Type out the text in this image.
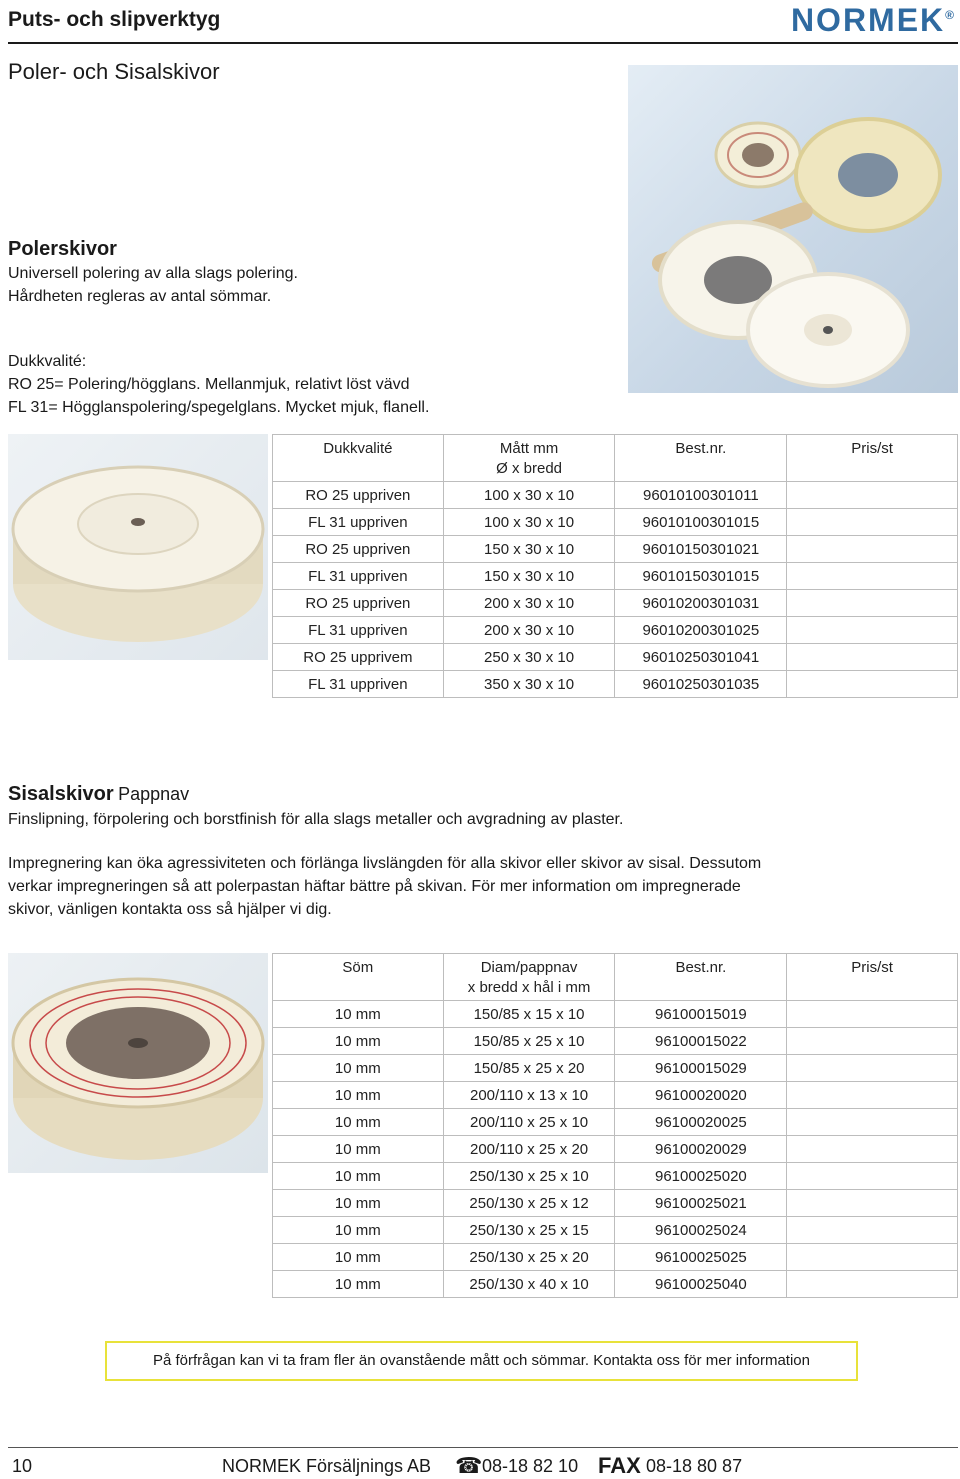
Puts- och slipverktyg	NORMEK®
Poler- och Sisalskivor
Polerskivor
Universell polering av alla slags polering.
Hårdheten regleras av antal sömmar.
Dukkvalité:
RO 25= Polering/högglans. Mellanmjuk, relativt löst vävd
FL 31= Högglanspolering/spegelglans. Mycket mjuk, flanell.
Dukkvalité	Mått mm
Ø x bredd	Best.nr.	Pris/st
RO 25 uppriven	100 x 30 x 10	96010100301011	
FL 31 uppriven	100 x 30 x 10	96010100301015	
RO 25 uppriven	150 x 30 x 10	96010150301021	
FL 31 uppriven	150 x 30 x 10	96010150301015	
RO 25 uppriven	200 x 30 x 10	96010200301031	
FL 31 uppriven	200 x 30 x 10	96010200301025	
RO 25 upprivem	250 x 30 x 10	96010250301041	
FL 31 uppriven	350 x 30 x 10	96010250301035	
Sisalskivor Pappnav
Finslipning, förpolering och borstfinish för alla slags metaller och avgradning av plaster.
Impregnering kan öka agressiviteten och förlänga livslängden för alla skivor eller skivor av sisal. Dessutom
verkar impregneringen så att polerpastan häftar bättre på skivan. För mer information om impregnerade
skivor, vänligen kontakta oss så hjälper vi dig.
Söm	Diam/pappnav
x bredd x hål i mm	Best.nr.	Pris/st
10 mm	150/85 x 15 x 10	96100015019	
10 mm	150/85 x 25 x 10	96100015022	
10 mm	150/85 x 25 x 20	96100015029	
10 mm	200/110 x 13 x 10	96100020020	
10 mm	200/110 x 25 x 10	96100020025	
10 mm	200/110 x 25 x 20	96100020029	
10 mm	250/130 x 25 x 10	96100025020	
10 mm	250/130 x 25 x 12	96100025021	
10 mm	250/130 x 25 x 15	96100025024	
10 mm	250/130 x 25 x 20	96100025025	
10 mm	250/130 x 40 x 10	96100025040	
På förfrågan kan vi ta fram fler än ovanstående mått och sömmar. Kontakta oss för mer information
10	NORMEK Försäljnings AB ☎ 08-18 82 10 FAX 08-18 80 87
